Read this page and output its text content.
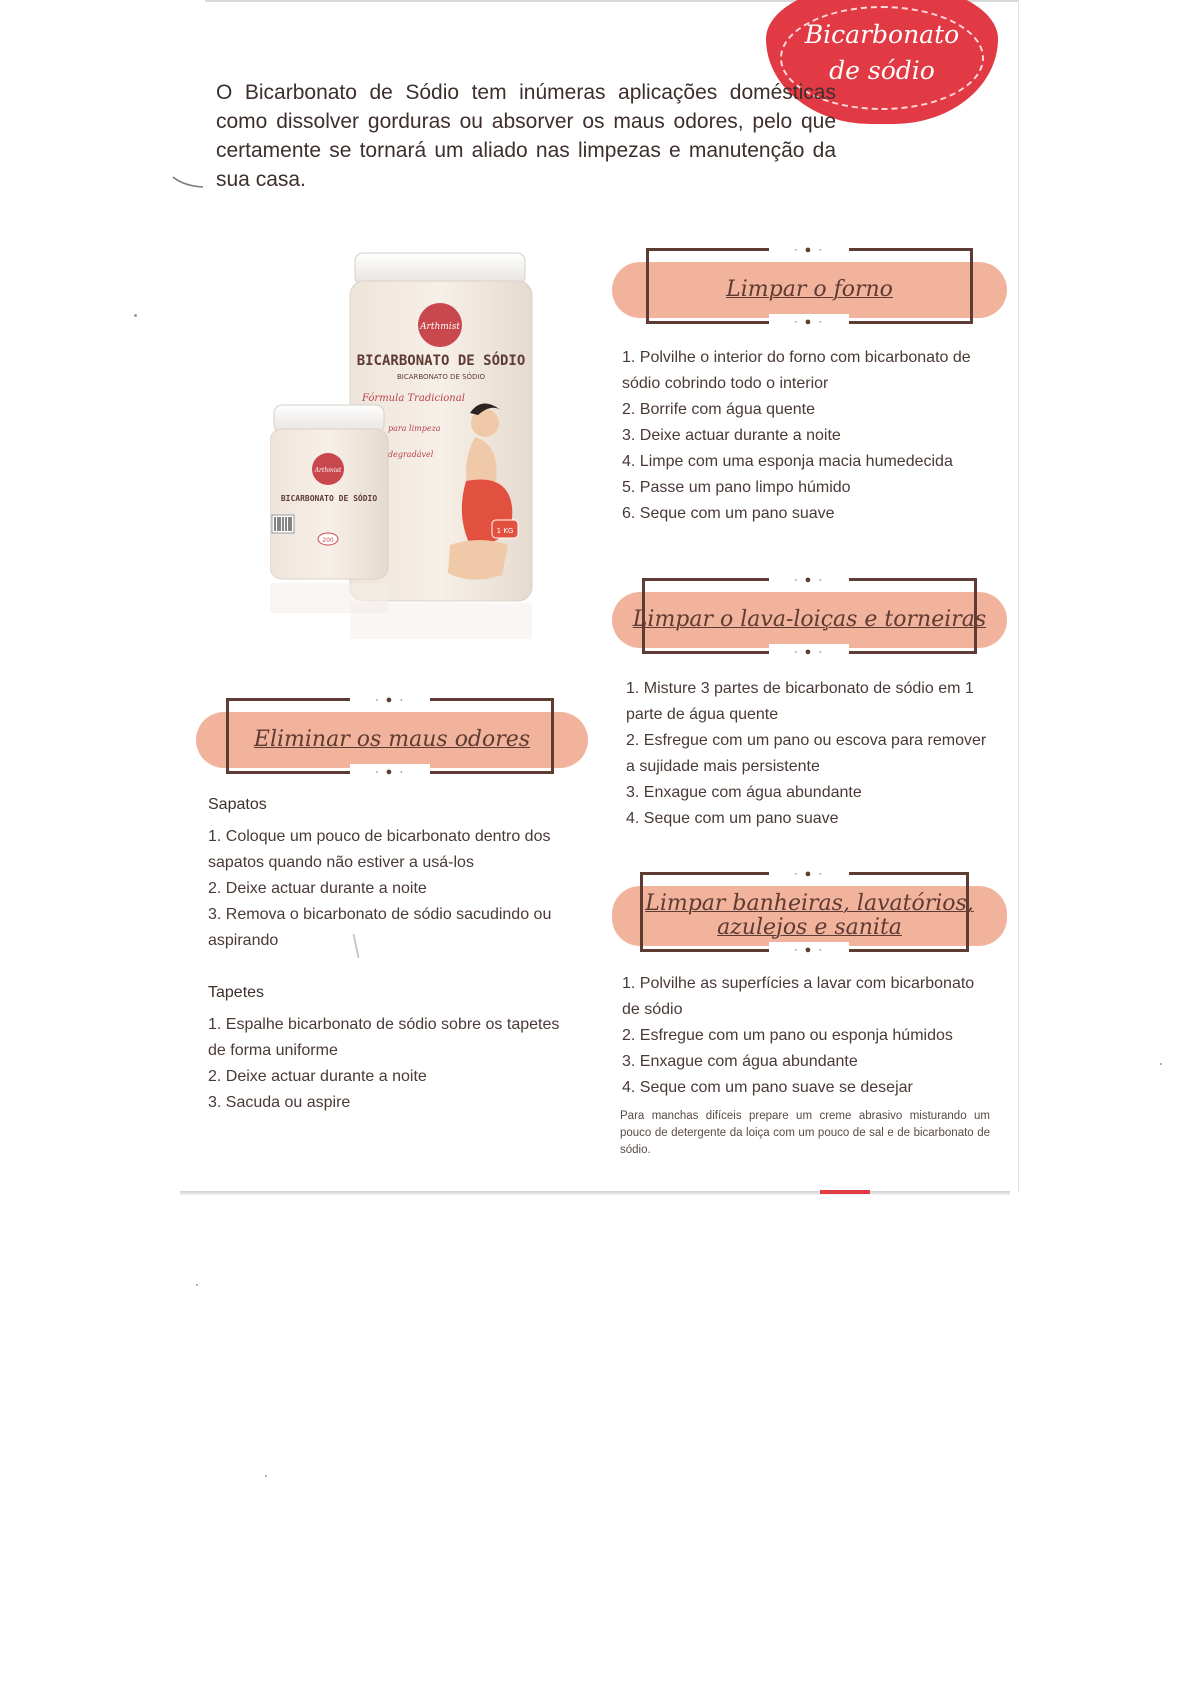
Bicarbonato
de sódio

O Bicarbonato de Sódio tem inúmeras aplicações domésticas como dissolver gorduras ou absorver os maus odores, pelo que certamente se tornará um aliado nas limpezas e manutenção da sua casa.

Arthmist
BICARBONATO DE SÓDIO
BICARBONATO DE SÓDIO
Fórmula Tradicional
para limpeza
degradável
1 KG
Arthmist
BICARBONATO DE SÓDIO
200
· ● ·
· ● ·
Limpar o forno
1. Polvilhe o interior do forno com bicarbonato de
sódio cobrindo todo o interior
2. Borrife com água quente
3. Deixe actuar durante a noite
4. Limpe com uma esponja macia humedecida
5. Passe um pano limpo húmido
6. Seque com um pano suave
· ● ·
· ● ·
Limpar o lava-loiças e torneiras
1. Misture 3 partes de bicarbonato de sódio em 1
parte de água quente
2. Esfregue com um pano ou escova para remover
a sujidade mais persistente
3. Enxague com água abundante
4. Seque com um pano suave
· ● ·
· ● ·
Limpar banheiras, lavatórios,
azulejos e sanita
1. Polvilhe as superfícies a lavar com bicarbonato
de sódio
2. Esfregue com um pano ou esponja húmidos
3. Enxague com água abundante
4. Seque com um pano suave se desejar

Para manchas difíceis prepare um creme abrasivo misturando um pouco de detergente da loiça com um pouco de sal e de bicarbonato de sódio.

· ● ·
· ● ·
Eliminar os maus odores
Sapatos
1. Coloque um pouco de bicarbonato dentro dos
sapatos quando não estiver a usá-los
2. Deixe actuar durante a noite
3. Remova o bicarbonato de sódio sacudindo ou
aspirando
Tapetes
1. Espalhe bicarbonato de sódio sobre os tapetes
de forma uniforme
2. Deixe actuar durante a noite
3. Sacuda ou aspire
